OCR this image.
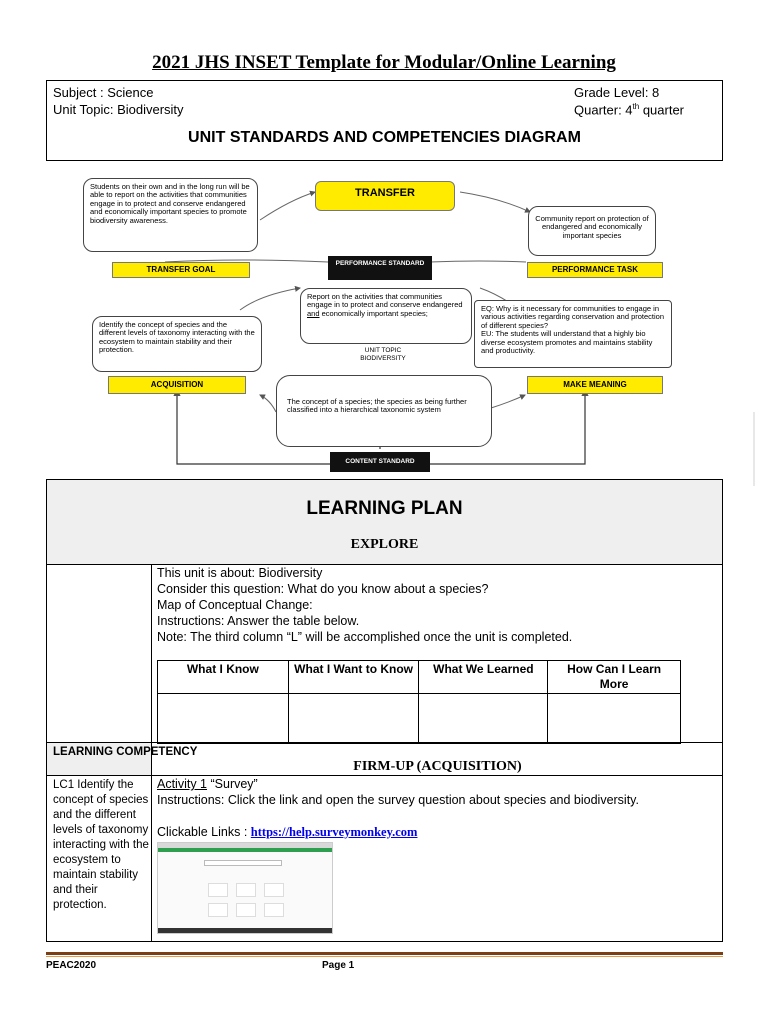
2021 JHS INSET Template for Modular/Online Learning
Subject : Science	Grade Level: 8
Unit Topic: Biodiversity	Quarter: 4th quarter
UNIT STANDARDS AND COMPETENCIES DIAGRAM
Students on their own and in the long run will be able to report on the activities that communities engage in to protect and conserve endangered and economically important species to promote biodiversity awareness.
TRANSFER
Community report on protection of endangered and economically important species
TRANSFER GOAL
PERFORMANCE STANDARD
PERFORMANCE TASK
Report on the activities that communities engage in to protect and conserve endangered and economically important species;
UNIT TOPIC
BIODIVERSITY
Identify the concept of species and the different levels of taxonomy interacting with the ecosystem to maintain stability and their protection.
EQ: Why is it necessary for communities to engage in various activities regarding conservation and protection of different species?
EU: The students will understand that a highly bio diverse ecosystem promotes and maintains stability and productivity.
ACQUISITION	MAKE MEANING
The concept of a species; the species as being further classified into a hierarchical taxonomic system
CONTENT STANDARD
LEARNING PLAN
EXPLORE
This unit is about: Biodiversity
Consider this question: What do you know about a species?
Map of Conceptual Change:
Instructions: Answer the table below.
Note: The third column “L” will be accomplished once the unit is completed.
What I Know	What I Want to Know	What We Learned	How Can I Learn More

LEARNING COMPETENCY
FIRM-UP (ACQUISITION)
LC1 Identify the concept of species and the different levels of taxonomy interacting with the ecosystem to maintain stability and their protection.
Activity 1 “Survey”
Instructions: Click the link and open the survey question about species and biodiversity.
Clickable Links : https://help.surveymonkey.com
PEAC2020	Page 1
